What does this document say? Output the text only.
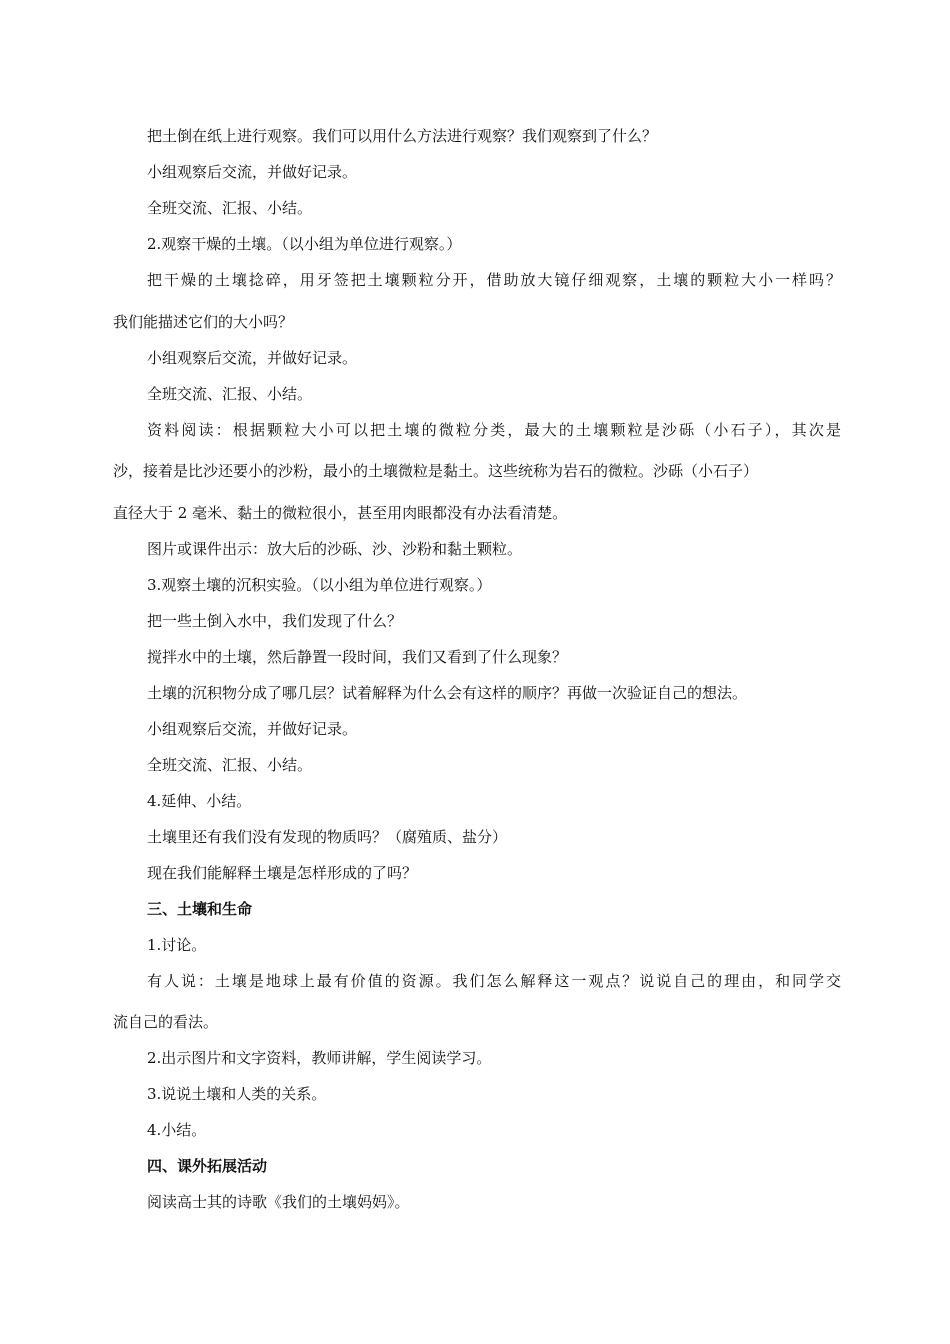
把土倒在纸上进行观察。我们可以用什么方法进行观察？我们观察到了什么？
小组观察后交流，并做好记录。
全班交流、汇报、小结。
2.观察干燥的土壤。（以小组为单位进行观察。）
把干燥的土壤捻碎，用牙签把土壤颗粒分开，借助放大镜仔细观察，土壤的颗粒大小一样吗？
我们能描述它们的大小吗？
小组观察后交流，并做好记录。
全班交流、汇报、小结。
资料阅读：根据颗粒大小可以把土壤的微粒分类，最大的土壤颗粒是沙砾（小石子），其次是
沙，接着是比沙还要小的沙粉，最小的土壤微粒是黏土。这些统称为岩石的微粒。沙砾（小石子）
直径大于 2 毫米、黏土的微粒很小，甚至用肉眼都没有办法看清楚。
图片或课件出示：放大后的沙砾、沙、沙粉和黏土颗粒。
3.观察土壤的沉积实验。（以小组为单位进行观察。）
把一些土倒入水中，我们发现了什么？
搅拌水中的土壤，然后静置一段时间，我们又看到了什么现象？
土壤的沉积物分成了哪几层？试着解释为什么会有这样的顺序？再做一次验证自己的想法。
小组观察后交流，并做好记录。
全班交流、汇报、小结。
4.延伸、小结。
土壤里还有我们没有发现的物质吗？（腐殖质、盐分）
现在我们能解释土壤是怎样形成的了吗？
三、土壤和生命
1.讨论。
有人说：土壤是地球上最有价值的资源。我们怎么解释这一观点？说说自己的理由，和同学交
流自己的看法。
2.出示图片和文字资料，教师讲解，学生阅读学习。
3.说说土壤和人类的关系。
4.小结。
四、课外拓展活动
阅读高士其的诗歌《我们的土壤妈妈》。
